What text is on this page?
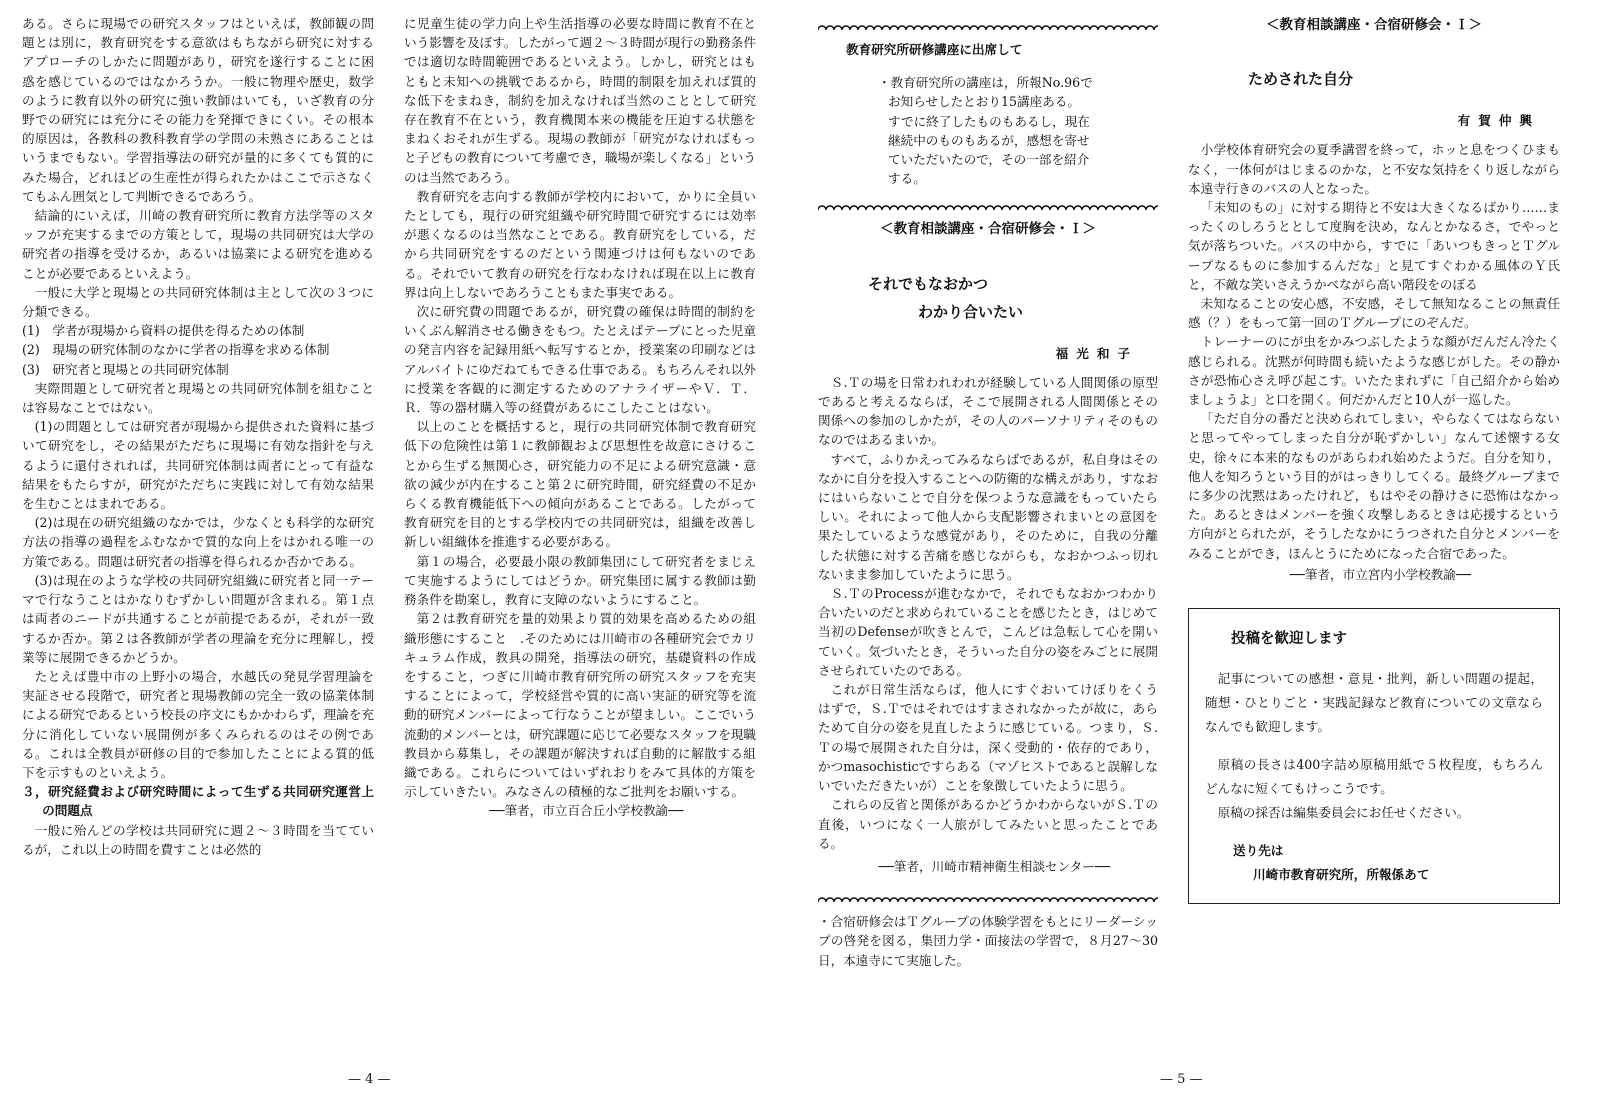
ある。さらに現場での研究スタッフはといえば，教師観の問題とは別に，教育研究をする意欲はもちながら研究に対するアプローチのしかたに問題があり，研究を遂行することに困惑を感じているのではなかろうか。一般に物理や歴史，数学のように教育以外の研究に強い教師はいても，いざ教育の分野での研究には充分にその能力を発揮できにくい。その根本的原因は，各教科の教科教育学の学問の未熟さにあることはいうまでもない。学習指導法の研究が量的に多くても質的にみた場合，どれほどの生産性が得られたかはここで示さなくてもふん囲気として判断できるであろう。

結論的にいえば，川崎の教育研究所に教育方法学等のスタッフが充実するまでの方策として，現場の共同研究は大学の研究者の指導を受けるか，あるいは協業による研究を進めることが必要であるといえよう。

一般に大学と現場との共同研究体制は主として次の３つに分類できる。

(1)　学者が現場から資料の提供を得るための体制

(2)　現場の研究体制のなかに学者の指導を求める体制

(3)　研究者と現場との共同研究体制

実際問題として研究者と現場との共同研究体制を組むことは容易なことではない。

(1)の問題としては研究者が現場から提供された資料に基づいて研究をし，その結果がただちに現場に有効な指針を与えるように還付されれば，共同研究体制は両者にとって有益な結果をもたらすが，研究がただちに実践に対して有効な結果を生むことはまれである。

(2)は現在の研究組織のなかでは，少なくとも科学的な研究方法の指導の過程をふむなかで質的な向上をはかれる唯一の方策である。問題は研究者の指導を得られるか否かである。

(3)は現在のような学校の共同研究組織に研究者と同一テーマで行なうことはかなりむずかしい問題が含まれる。第１点は両者のニードが共通することが前提であるが，それが一致するか否か。第２は各教師が学者の理論を充分に理解し，授業等に展開できるかどうか。

たとえば豊中市の上野小の場合，水越氏の発見学習理論を実証させる段階で，研究者と現場教師の完全一致の協業体制による研究であるという校長の序文にもかかわらず，理論を充分に消化していない展開例が多くみられるのはその例である。これは全教員が研修の目的で参加したことによる質的低下を示すものといえよう。

３，研究経費および研究時間によって生ずる共同研究運営上の問題点

一般に殆んどの学校は共同研究に週２〜３時間を当てているが，これ以上の時間を費すことは必然的

に児童生徒の学力向上や生活指導の必要な時間に教育不在という影響を及ぼす。したがって週２〜３時間が現行の勤務条件では適切な時間範囲であるといえよう。しかし，研究とはもともと未知への挑戦であるから，時間的制限を加えれば質的な低下をまねき，制約を加えなければ当然のこととして研究存在教育不在という，教育機関本来の機能を圧迫する状態をまねくおそれが生ずる。現場の教師が「研究がなければもっと子どもの教育について考慮でき，職場が楽しくなる」というのは当然であろう。

教育研究を志向する教師が学校内において，かりに全員いたとしても，現行の研究組織や研究時間で研究するには効率が悪くなるのは当然なことである。教育研究をしている，だから共同研究をするのだという関連づけは何もないのである。それでいて教育の研究を行なわなければ現在以上に教育界は向上しないであろうこともまた事実である。

次に研究費の問題であるが，研究費の確保は時間的制約をいくぶん解消させる働きをもつ。たとえばテープにとった児童の発言内容を記録用紙へ転写するとか，授業案の印刷などはアルバイトにゆだねてもできる仕事である。もちろんそれ以外に授業を客観的に測定するためのアナライザーやＶ．Ｔ．Ｒ．等の器材購入等の経費があるにこしたことはない。

以上のことを概括すると，現行の共同研究体制で教育研究低下の危険性は第１に教師観および思想性を故意にさけることから生ずる無関心さ，研究能力の不足による研究意識・意欲の減少が内在すること第２に研究時間，研究経費の不足からくる教育機能低下への傾向があることである。したがって教育研究を目的とする学校内での共同研究は，組織を改善し新しい組織体を推進する必要がある。

第１の場合，必要最小限の教師集団にして研究者をまじえて実施するようにしてはどうか。研究集団に属する教師は勤務条件を勘案し，教育に支障のないようにすること。

第２は教育研究を量的効果より質的効果を高めるための組織形態にすること　.そのためには川崎市の各種研究会でカリキュラム作成，教具の開発，指導法の研究，基礎資料の作成をすること，つぎに川崎市教育研究所の研究スタッフを充実することによって，学校経営や質的に高い実証的研究等を流動的研究メンバーによって行なうことが望ましい。ここでいう流動的メンバーとは，研究課題に応じて必要なスタッフを現職教員から募集し，その課題が解決すれば自動的に解散する組織である。これらについてはいずれおりをみて具体的方策を示していきたい。みなさんの積極的なご批判をお願いする。

──筆者，市立百合丘小学校教諭──

— 4 —
教育研究所研修講座に出席して

・教育研究所の講座は，所報No.96で

お知らせしたとおり15講座ある。

すでに終了したものもあるし，現在

継続中のものもあるが，感想を寄せ

ていただいたので，その一部を紹介

する。

＜教育相談講座・合宿研修会・Ｉ＞
それでもなおかつ
わかり合いたい
福光和子

Ｓ.Ｔの場を日常われわれが経験している人間関係の原型であると考えるならば，そこで展開される人間関係とその関係への参加のしかたが，その人のパーソナリティそのものなのではあるまいか。

すべて，ふりかえってみるならばであるが，私自身はそのなかに自分を投入することへの防衛的な構えがあり，すなおにはいらないことで自分を保つような意識をもっていたらしい。それによって他人から支配影響されまいとの意図を果たしているような感覚があり，そのために，自我の分離した状態に対する苦痛を感じながらも，なおかつふっ切れないまま参加していたように思う。

Ｓ.ＴのProcessが進むなかで，それでもなおかつわかり合いたいのだと求められていることを感じたとき，はじめて当初のDefenseが吹きとんで，こんどは急転して心を開いていく。気づいたとき，そういった自分の姿をみごとに展開させられていたのである。

これが日常生活ならば，他人にすぐおいてけぼりをくうはずで，Ｓ.Ｔではそれではすまされなかったが故に，あらためて自分の姿を見直したように感じている。つまり，Ｓ.Ｔの場で展開された自分は，深く受動的・依存的であり，かつmasochisticですらある（マゾヒストであると誤解しないでいただきたいが）ことを象徴していたように思う。

これらの反省と関係があるかどうかわからないがＳ.Ｔの直後，いつになく一人旅がしてみたいと思ったことである。

──筆者，川崎市精神衛生相談センター──

・合宿研修会はＴグループの体験学習をもとにリーダーシップの啓発を図る，集団力学・面接法の学習で，８月27〜30日，本遠寺にて実施した。

— 5 —
＜教育相談講座・合宿研修会・Ｉ＞
ためされた自分
有賀仲興

小学校体育研究会の夏季講習を終って，ホッと息をつくひまもなく，一体何がはじまるのかな，と不安な気持をくり返しながら本遠寺行きのバスの人となった。

「未知のもの」に対する期待と不安は大きくなるばかり……まったくのしろうととして度胸を決め，なんとかなるさ，でやっと気が落ちついた。バスの中から，すでに「あいつもきっとＴグループなるものに参加するんだな」と見てすぐわかる風体のＹ氏と，不敵な笑いさえうかべながら高い階段をのぼる

未知なることの安心感，不安感，そして無知なることの無責任感（？）をもって第一回のＴグループにのぞんだ。

トレーナーのにが虫をかみつぶしたような顔がだんだん冷たく感じられる。沈黙が何時間も続いたような感じがした。その静かさが恐怖心さえ呼び起こす。いたたまれずに「自己紹介から始めましょうよ」と口を開く。何だかんだと10人が一巡した。

「ただ自分の番だと決められてしまい，やらなくてはならないと思ってやってしまった自分が恥ずかしい」なんて述懐する女史，徐々に本来的なものがあらわれ始めたようだ。自分を知り，他人を知ろうという目的がはっきりしてくる。最終グループまでに多少の沈黙はあったけれど，もはやその静けさに恐怖はなかった。あるときはメンバーを強く攻撃しあるときは応援するという方向がとられたが，そうしたなかにうつされた自分とメンバーをみることができ，ほんとうにためになった合宿であった。

──筆者，市立宮内小学校教諭──

投稿を歓迎します

記事についての感想・意見・批判，新しい問題の提起，随想・ひとりごと・実践記録など教育についての文章ならなんでも歓迎します。

原稿の長さは400字詰め原稿用紙で５枚程度，もちろんどんなに短くてもけっこうです。

原稿の採否は編集委員会にお任せください。

送り先は

川崎市教育研究所，所報係あて
